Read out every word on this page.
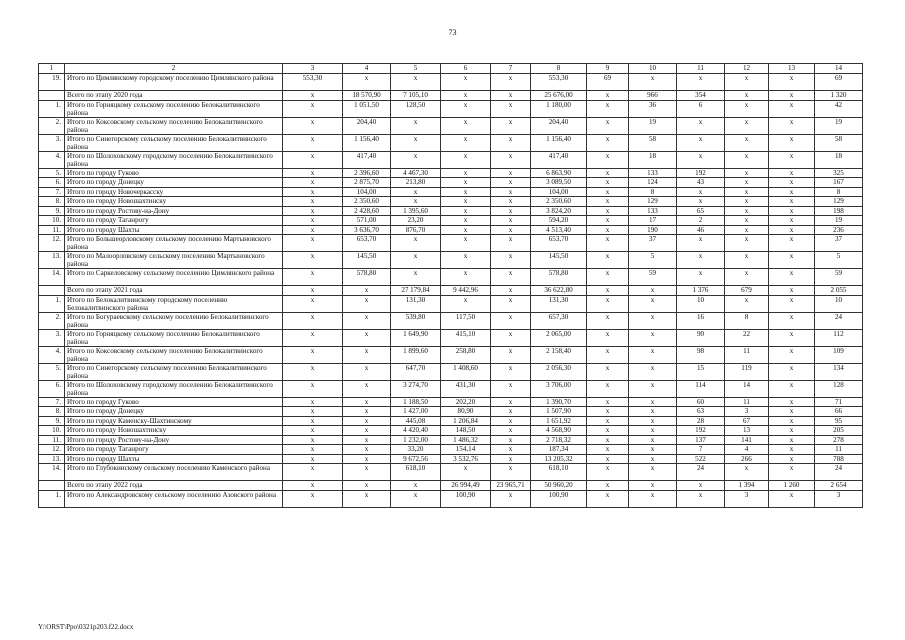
73
1	2	3	4	5	6	7	8	9	10	11	12	13	14
19.	Итого по Цимлянскому городскому поселению Цимлянского района	553,30	x	x	x	x	553,30	69	x	x	x	x	69
	Всего по этапу 2020 года	x	18 570,90	7 105,10	x	x	25 676,00	x	966	354	x	x	1 320
1.	Итого по Горняцкому сельскому поселению Белокалитвинского района	x	1 051,50	128,50	x	x	1 180,00	x	36	6	x	x	42
2.	Итого по Коксовскому сельскому поселению Белокалитвинского района	x	204,40	x	x	x	204,40	x	19	x	x	x	19
3.	Итого по Синегорскому сельскому поселению Белокалитвинского района	x	1 156,40	x	x	x	1 156,40	x	58	x	x	x	58
4.	Итого по Шолоховскому городскому поселению Белокалитвинского района	x	417,40	x	x	x	417,40	x	18	x	x	x	18
5.	Итого по городу Гуково	x	2 396,60	4 467,30	x	x	6 863,90	x	133	192	x	x	325
6.	Итого по городу Донецку	x	2 875,70	213,80	x	x	3 089,50	x	124	43	x	x	167
7.	Итого по городу Новочеркасску	x	104,00	x	x	x	104,00	x	8	x	x	x	8
8.	Итого по городу Новошахтинску	x	2 350,60	x	x	x	2 350,60	x	129	x	x	x	129
9.	Итого по городу Ростову-на-Дону	x	2 428,60	1 395,60	x	x	3 824,20	x	133	65	x	x	198
10.	Итого по городу Таганрогу	x	571,00	23,20	x	x	594,20	x	17	2	x	x	19
11.	Итого по городу Шахты	x	3 636,70	876,70	x	x	4 513,40	x	190	46	x	x	236
12.	Итого по Большеорловскому сельскому поселению Мартыновского района	x	653,70	x	x	x	653,70	x	37	x	x	x	37
13.	Итого по Малоорловскому сельскому поселению Мартыновского района	x	145,50	x	x	x	145,50	x	5	x	x	x	5
14.	Итого по Саркеловскому сельскому поселению Цимлянского района	x	578,80	x	x	x	578,80	x	59	x	x	x	59
	Всего по этапу 2021 года	x	x	27 179,84	9 442,96	x	36 622,80	x	x	1 376	679	x	2 055
1.	Итого по Белокалитвинскому городскому поселению Белокалитвинского района	x	x	131,30	x	x	131,30	x	x	10	x	x	10
2.	Итого по Богураевскому сельскому поселению Белокалитвинского района	x	x	539,80	117,50	x	657,30	x	x	16	8	x	24
3.	Итого по Горняцкому сельскому поселению Белокалитвинского района	x	x	1 649,90	415,10	x	2 065,00	x	x	90	22	x	112
4.	Итого по Коксовскому сельскому поселению Белокалитвинского района	x	x	1 899,60	258,80	x	2 158,40	x	x	98	11	x	109
5.	Итого по Синегорскому сельскому поселению Белокалитвинского района	x	x	647,70	1 408,60	x	2 056,30	x	x	15	119	x	134
6.	Итого по Шолоховскому городскому поселению Белокалитвинского района	x	x	3 274,70	431,30	x	3 706,00	x	x	114	14	x	128
7.	Итого по городу Гуково	x	x	1 188,50	202,20	x	1 390,70	x	x	60	11	x	71
8.	Итого по городу Донецку	x	x	1 427,00	80,90	x	1 507,90	x	x	63	3	x	66
9.	Итого по городу Каменску-Шахтинскому	x	x	445,08	1 206,84	x	1 651,92	x	x	28	67	x	95
10.	Итого по городу Новошахтинску	x	x	4 420,40	148,50	x	4 568,90	x	x	192	13	x	205
11.	Итого по городу Ростову-на-Дону	x	x	1 232,00	1 486,32	x	2 718,32	x	x	137	141	x	278
12.	Итого по городу Таганрогу	x	x	33,20	154,14	x	187,34	x	x	7	4	x	11
13.	Итого по городу Шахты	x	x	9 672,56	3 532,76	x	13 205,32	x	x	522	266	x	788
14.	Итого по Глубокинскому сельскому поселению Каменского района	x	x	618,10	x	x	618,10	x	x	24	x	x	24
	Всего по этапу 2022 года	x	x	x	26 994,49	23 965,71	50 960,20	x	x	x	1 394	1 260	2 654
1.	Итого по Александровскому сельскому поселению Азовского района	x	x	x	100,90	x	100,90	x	x	x	3	x	3
Y:\ORST\Ppo\0321p203.f22.docx
